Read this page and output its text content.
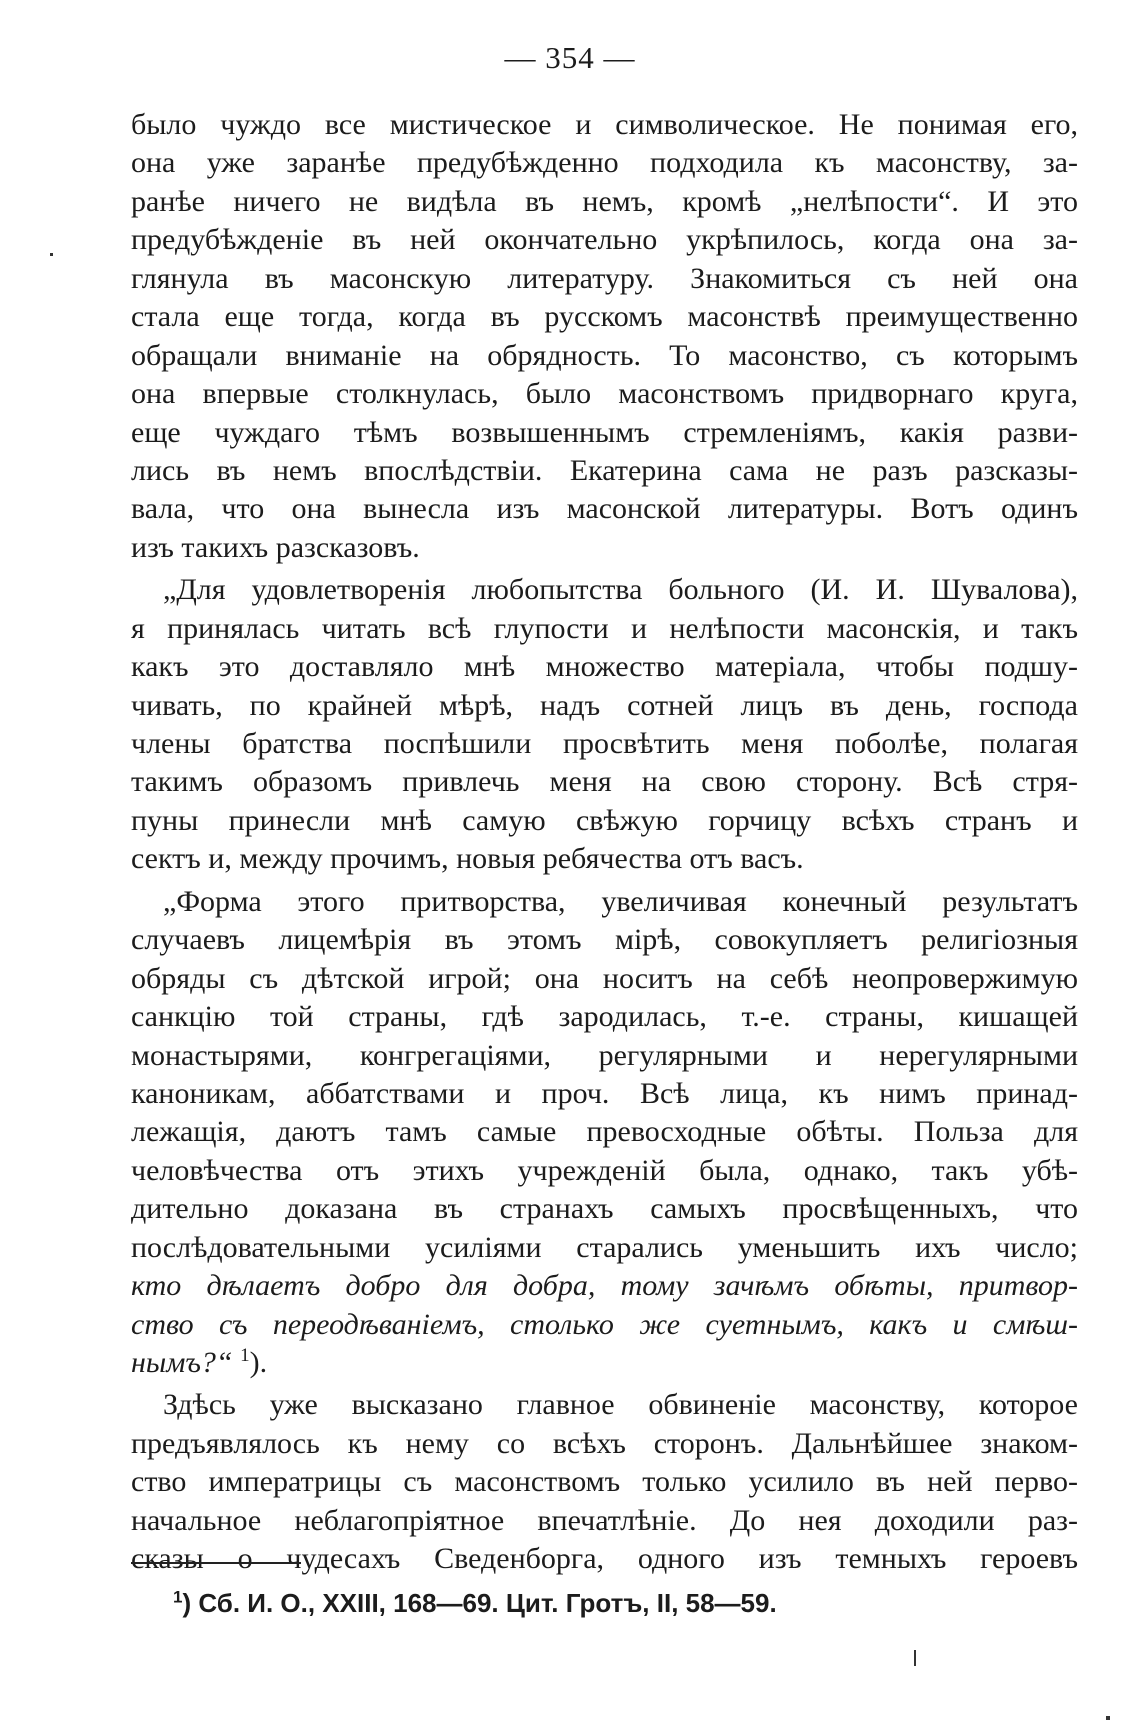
— 354 —
было чуждо все мистическое и символическое. Не понимая его,
она уже заранѣе предубѣжденно подходила къ масонству, за-
ранѣе ничего не видѣла въ немъ, кромѣ „нелѣпости“. И это
предубѣжденіе въ ней окончательно укрѣпилось, когда она за-
глянула въ масонскую литературу. Знакомиться съ ней она
стала еще тогда, когда въ русскомъ масонствѣ преимущественно
обращали вниманіе на обрядность. То масонство, съ которымъ
она впервые столкнулась, было масонствомъ придворнаго круга,
еще чуждаго тѣмъ возвышеннымъ стремленіямъ, какія разви-
лись въ немъ впослѣдствіи. Екатерина сама не разъ разсказы-
вала, что она вынесла изъ масонской литературы. Вотъ одинъ
изъ такихъ разсказовъ.
„Для удовлетворенія любопытства больного (И. И. Шувалова),
я принялась читать всѣ глупости и нелѣпости масонскія, и такъ
какъ это доставляло мнѣ множество матеріала, чтобы подшу-
чивать, по крайней мѣрѣ, надъ сотней лицъ въ день, господа
члены братства поспѣшили просвѣтить меня поболѣе, полагая
такимъ образомъ привлечь меня на свою сторону. Всѣ стря-
пуны принесли мнѣ самую свѣжую горчицу всѣхъ странъ и
сектъ и, между прочимъ, новыя ребячества отъ васъ.
„Форма этого притворства, увеличивая конечный результатъ
случаевъ лицемѣрія въ этомъ мірѣ, совокупляетъ религіозныя
обряды съ дѣтской игрой; она носитъ на себѣ неопровержимую
санкцію той страны, гдѣ зародилась, т.-е. страны, кишащей
монастырями, конгрегаціями, регулярными и нерегулярными
каноникам, аббатствами и проч. Всѣ лица, къ нимъ принад-
лежащія, даютъ тамъ самые превосходные обѣты. Польза для
человѣчества отъ этихъ учрежденій была, однако, такъ убѣ-
дительно доказана въ странахъ самыхъ просвѣщенныхъ, что
послѣдовательными усиліями старались уменьшить ихъ число;
кто дѣлаетъ добро для добра, тому зачѣмъ обѣты, притвор-
ство съ переодѣваніемъ, столько же суетнымъ, какъ и смѣш-
нымъ?“ $^1$).
Здѣсь уже высказано главное обвиненіе масонству, которое
предъявлялось къ нему со всѣхъ сторонъ. Дальнѣйшее знаком-
ство императрицы съ масонствомъ только усилило въ ней перво-
начальное неблагопріятное впечатлѣніе. До нея доходили раз-
сказы о чудесахъ Сведенборга, одного изъ темныхъ героевъ
$^1$) Сб. И. О., XXIII, 168—69. Цит. Гротъ, II, 58—59.
